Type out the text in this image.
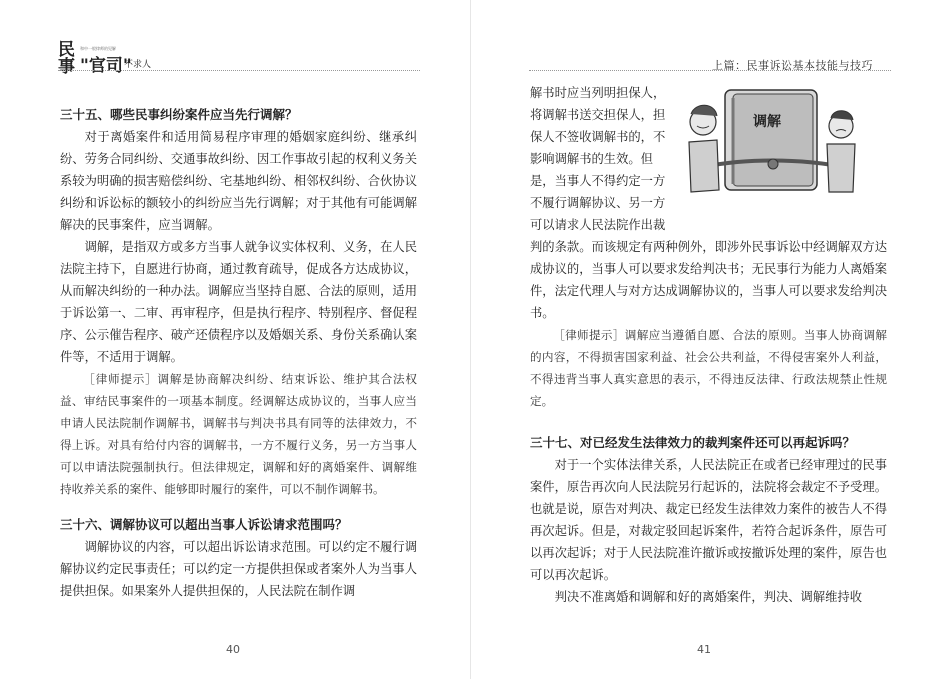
民事
和中一般律师的见解
"官司"
不求人

三十五、哪些民事纠纷案件应当先行调解？

对于离婚案件和适用简易程序审理的婚姻家庭纠纷、继承纠纷、劳务合同纠纷、交通事故纠纷、因工作事故引起的权利义务关系较为明确的损害赔偿纠纷、宅基地纠纷、相邻权纠纷、合伙协议纠纷和诉讼标的额较小的纠纷应当先行调解；对于其他有可能调解解决的民事案件，应当调解。

调解，是指双方或多方当事人就争议实体权利、义务，在人民法院主持下，自愿进行协商，通过教育疏导，促成各方达成协议，从而解决纠纷的一种办法。调解应当坚持自愿、合法的原则，适用于诉讼第一、二审、再审程序，但是执行程序、特别程序、督促程序、公示催告程序、破产还债程序以及婚姻关系、身份关系确认案件等，不适用于调解。

［律师提示］调解是协商解决纠纷、结束诉讼、维护其合法权益、审结民事案件的一项基本制度。经调解达成协议的，当事人应当申请人民法院制作调解书，调解书与判决书具有同等的法律效力，不得上诉。对具有给付内容的调解书，一方不履行义务，另一方当事人可以申请法院强制执行。但法律规定，调解和好的离婚案件、调解维持收养关系的案件、能够即时履行的案件，可以不制作调解书。

三十六、调解协议可以超出当事人诉讼请求范围吗？

调解协议的内容，可以超出诉讼请求范围。可以约定不履行调解协议约定民事责任；可以约定一方提供担保或者案外人为当事人提供担保。如果案外人提供担保的，人民法院在制作调

40
上篇：民事诉讼基本技能与技巧
调解
解书时应当列明担保人，
将调解书送交担保人，担
保人不签收调解书的，不
影响调解书的生效。但
是，当事人不得约定一方
不履行调解协议、另一方
可以请求人民法院作出裁

判的条款。而该规定有两种例外，即涉外民事诉讼中经调解双方达成协议的，当事人可以要求发给判决书；无民事行为能力人离婚案件，法定代理人与对方达成调解协议的，当事人可以要求发给判决书。

［律师提示］调解应当遵循自愿、合法的原则。当事人协商调解的内容，不得损害国家利益、社会公共利益，不得侵害案外人利益，不得违背当事人真实意思的表示，不得违反法律、行政法规禁止性规定。

三十七、对已经发生法律效力的裁判案件还可以再起诉吗？

对于一个实体法律关系，人民法院正在或者已经审理过的民事案件，原告再次向人民法院另行起诉的，法院将会裁定不予受理。也就是说，原告对判决、裁定已经发生法律效力案件的被告人不得再次起诉。但是，对裁定驳回起诉案件，若符合起诉条件，原告可以再次起诉；对于人民法院准许撤诉或按撤诉处理的案件，原告也可以再次起诉。

判决不准离婚和调解和好的离婚案件，判决、调解维持收

41
